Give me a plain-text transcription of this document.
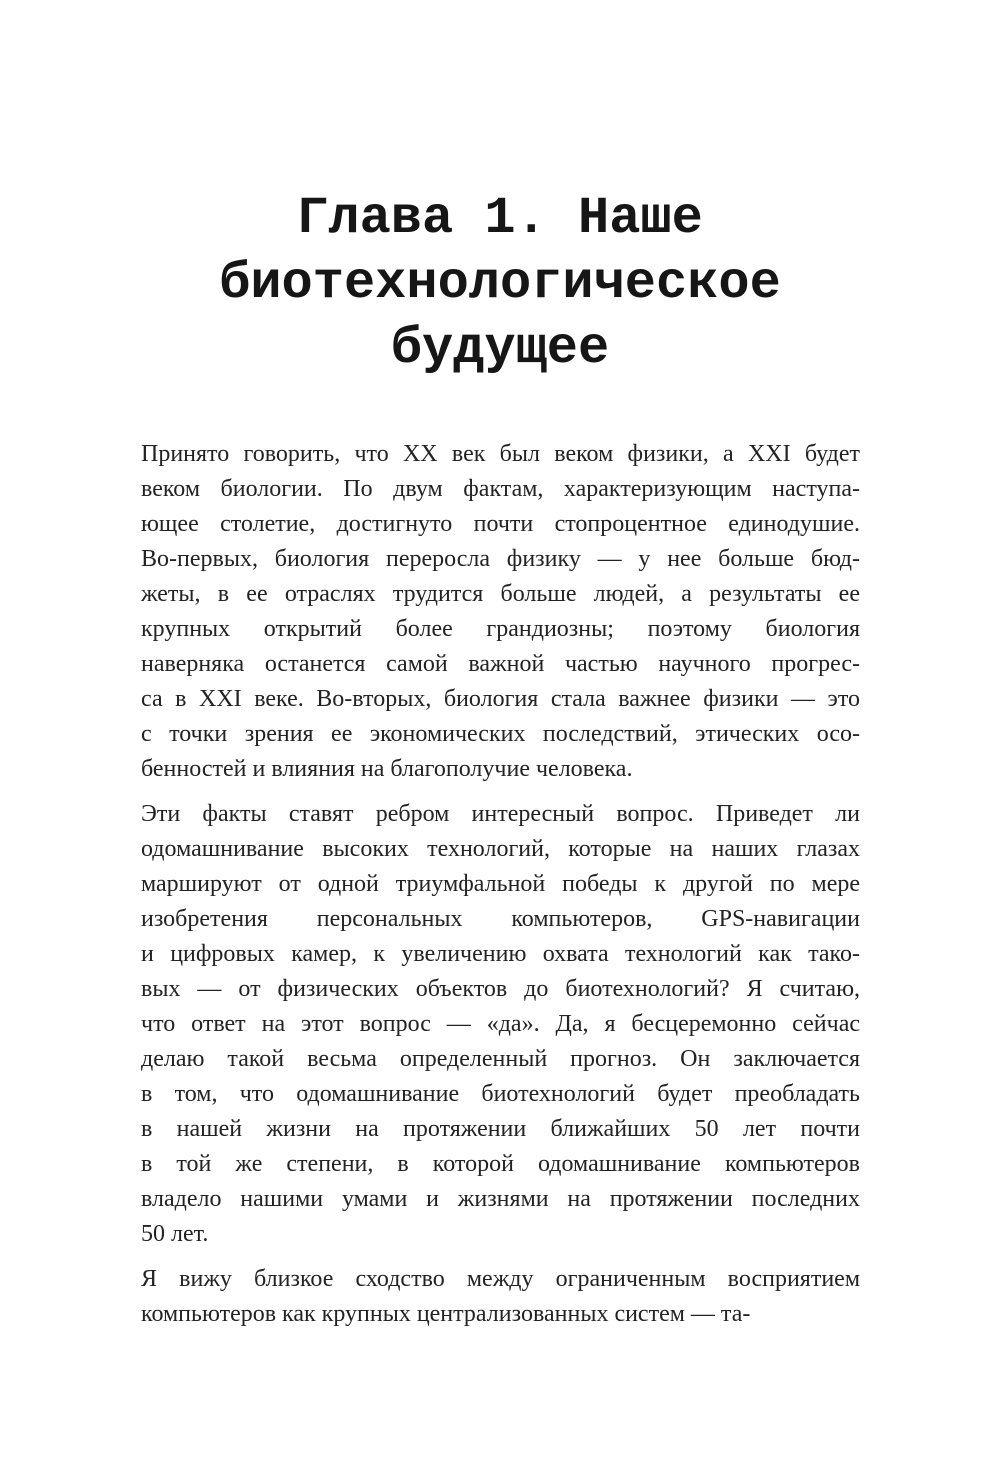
Глава 1. Наше
биотехнологическое
будущее

Принято говорить, что XX век был веком физики, а XXI будет
веком биологии. По двум фактам, характеризующим наступа-
ющее столетие, достигнуто почти стопроцентное единодушие.
Во-первых, биология переросла физику — у нее больше бюд-
жеты, в ее отраслях трудится больше людей, а результаты ее
крупных открытий более грандиозны; поэтому биология
наверняка останется самой важной частью научного прогрес-
са в XXI веке. Во-вторых, биология стала важнее физики — это
с точки зрения ее экономических последствий, этических осо-
бенностей и влияния на благополучие человека.

Эти факты ставят ребром интересный вопрос. Приведет ли
одомашнивание высоких технологий, которые на наших глазах
маршируют от одной триумфальной победы к другой по мере
изобретения персональных компьютеров, GPS-навигации
и цифровых камер, к увеличению охвата технологий как тако-
вых — от физических объектов до биотехнологий? Я считаю,
что ответ на этот вопрос — «да». Да, я бесцеремонно сейчас
делаю такой весьма определенный прогноз. Он заключается
в том, что одомашнивание биотехнологий будет преобладать
в нашей жизни на протяжении ближайших 50 лет почти
в той же степени, в которой одомашнивание компьютеров
владело нашими умами и жизнями на протяжении последних
50 лет.

Я вижу близкое сходство между ограниченным восприятием
компьютеров как крупных централизованных систем — та-
